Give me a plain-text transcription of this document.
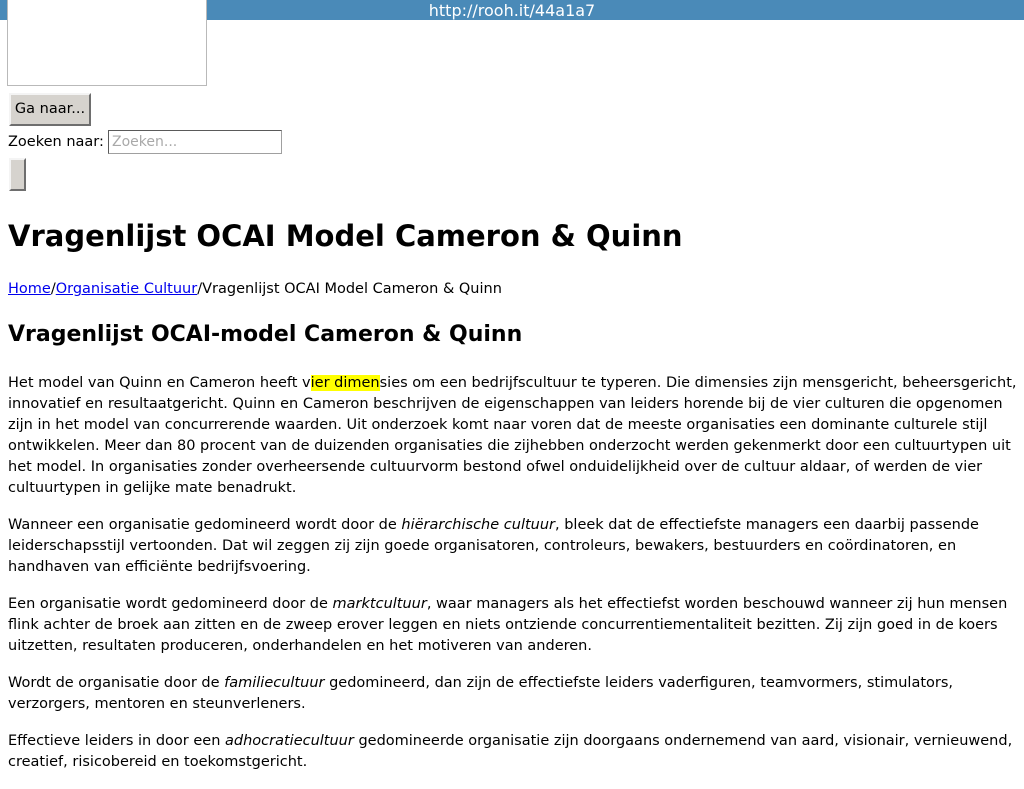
http://rooh.it/44a1a7
Ga naar...
Zoeken naar:
Zoeken...
Vragenlijst OCAI Model Cameron & Quinn
Home/Organisatie Cultuur/Vragenlijst OCAI Model Cameron & Quinn
Vragenlijst OCAI-model Cameron & Quinn

Het model van Quinn en Cameron heeft vier dimensies om een bedrijfscultuur te typeren. Die dimensies zijn mensgericht, beheersgericht, innovatief en resultaatgericht. Quinn en Cameron beschrijven de eigenschappen van leiders horende bij de vier culturen die opgenomen zijn in het model van concurrerende waarden. Uit onderzoek komt naar voren dat de meeste organisaties een dominante culturele stijl ontwikkelen. Meer dan 80 procent van de duizenden organisaties die zijhebben onderzocht werden gekenmerkt door een cultuurtypen uit het model. In organisaties zonder overheersende cultuurvorm bestond ofwel onduidelijkheid over de cultuur aldaar, of werden de vier cultuurtypen in gelijke mate benadrukt.

Wanneer een organisatie gedomineerd wordt door de hiërarchische cultuur, bleek dat de effectiefste managers een daarbij passende leiderschapsstijl vertoonden. Dat wil zeggen zij zijn goede organisatoren, controleurs, bewakers, bestuurders en coördinatoren, en handhaven van efficiënte bedrijfsvoering.

Een organisatie wordt gedomineerd door de marktcultuur, waar managers als het effectiefst worden beschouwd wanneer zij hun mensen flink achter de broek aan zitten en de zweep erover leggen en niets ontziende concurrentiementaliteit bezitten. Zij zijn goed in de koers uitzetten, resultaten produceren, onderhandelen en het motiveren van anderen.

Wordt de organisatie door de familiecultuur gedomineerd, dan zijn de effectiefste leiders vaderfiguren, teamvormers, stimulators, verzorgers, mentoren en steunverleners.

Effectieve leiders in door een adhocratiecultuur gedomineerde organisatie zijn doorgaans ondernemend van aard, visionair, vernieuwend, creatief, risicobereid en toekomstgericht.
